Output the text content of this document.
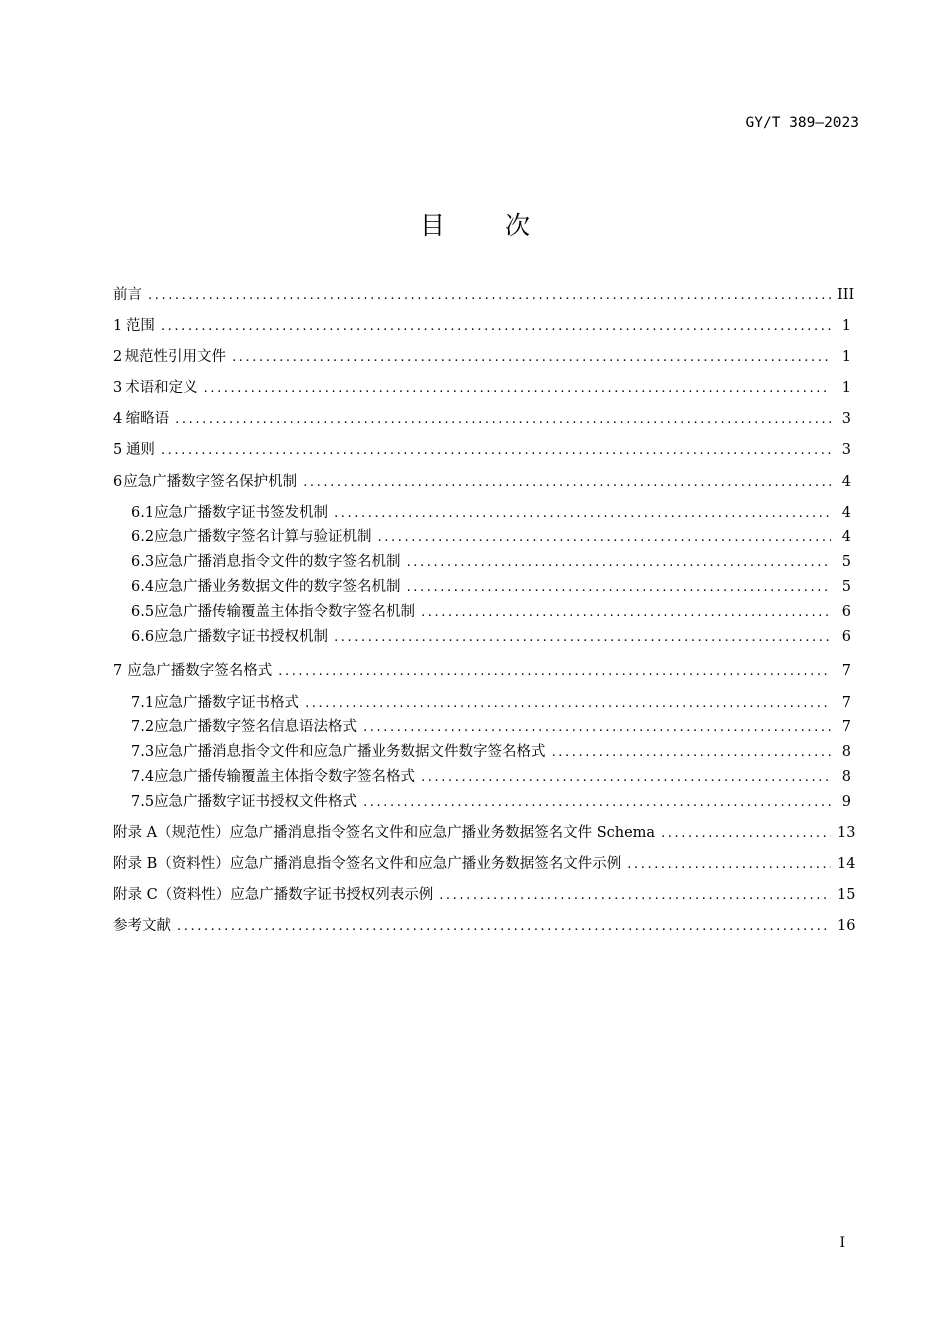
GY/T 389—2023
目 次
前言 .....	III
1 范围 .....	1
2 规范性引用文件 .....	1
3 术语和定义 .....	1
4 缩略语 .....	3
5 通则 .....	3
6 应急广播数字签名保护机制 .....	4
6.1 应急广播数字证书签发机制 .....	4
6.2 应急广播数字签名计算与验证机制 .....	4
6.3 应急广播消息指令文件的数字签名机制 .....	5
6.4 应急广播业务数据文件的数字签名机制 .....	5
6.5 应急广播传输覆盖主体指令数字签名机制 .....	6
6.6 应急广播数字证书授权机制 .....	6
7 应急广播数字签名格式 .....	7
7.1 应急广播数字证书格式 .....	7
7.2 应急广播数字签名信息语法格式 .....	7
7.3 应急广播消息指令文件和应急广播业务数据文件数字签名格式 .....	8
7.4 应急广播传输覆盖主体指令数字签名格式 .....	8
7.5 应急广播数字证书授权文件格式 .....	9
附录 A（规范性） 应急广播消息指令签名文件和应急广播业务数据签名文件 Schema .....	13
附录 B（资料性） 应急广播消息指令签名文件和应急广播业务数据签名文件示例 .....	14
附录 C（资料性） 应急广播数字证书授权列表示例 .....	15
参考文献 .....	16
I
